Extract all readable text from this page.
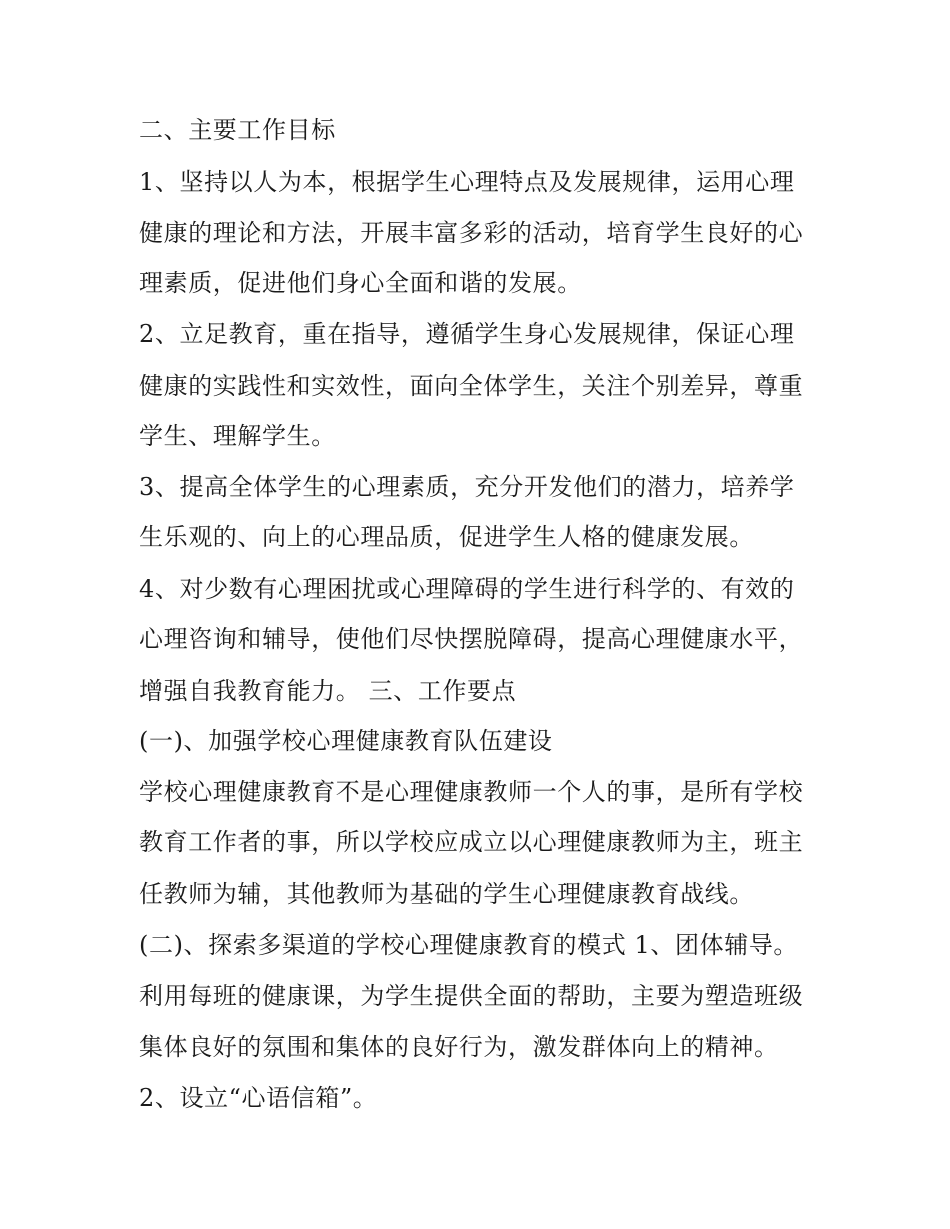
二、主要工作目标
1、坚持以人为本，根据学生心理特点及发展规律，运用心理
健康的理论和方法，开展丰富多彩的活动，培育学生良好的心
理素质，促进他们身心全面和谐的发展。
2、立足教育，重在指导，遵循学生身心发展规律，保证心理
健康的实践性和实效性，面向全体学生，关注个别差异，尊重
学生、理解学生。
3、提高全体学生的心理素质，充分开发他们的潜力，培养学
生乐观的、向上的心理品质，促进学生人格的健康发展。
4、对少数有心理困扰或心理障碍的学生进行科学的、有效的
心理咨询和辅导，使他们尽快摆脱障碍，提高心理健康水平，
增强自我教育能力。 三、工作要点
(一)、加强学校心理健康教育队伍建设
学校心理健康教育不是心理健康教师一个人的事，是所有学校
教育工作者的事，所以学校应成立以心理健康教师为主，班主
任教师为辅，其他教师为基础的学生心理健康教育战线。
(二)、探索多渠道的学校心理健康教育的模式 1、团体辅导。
利用每班的健康课，为学生提供全面的帮助，主要为塑造班级
集体良好的氛围和集体的良好行为，激发群体向上的精神。
2、设立“心语信箱”。
